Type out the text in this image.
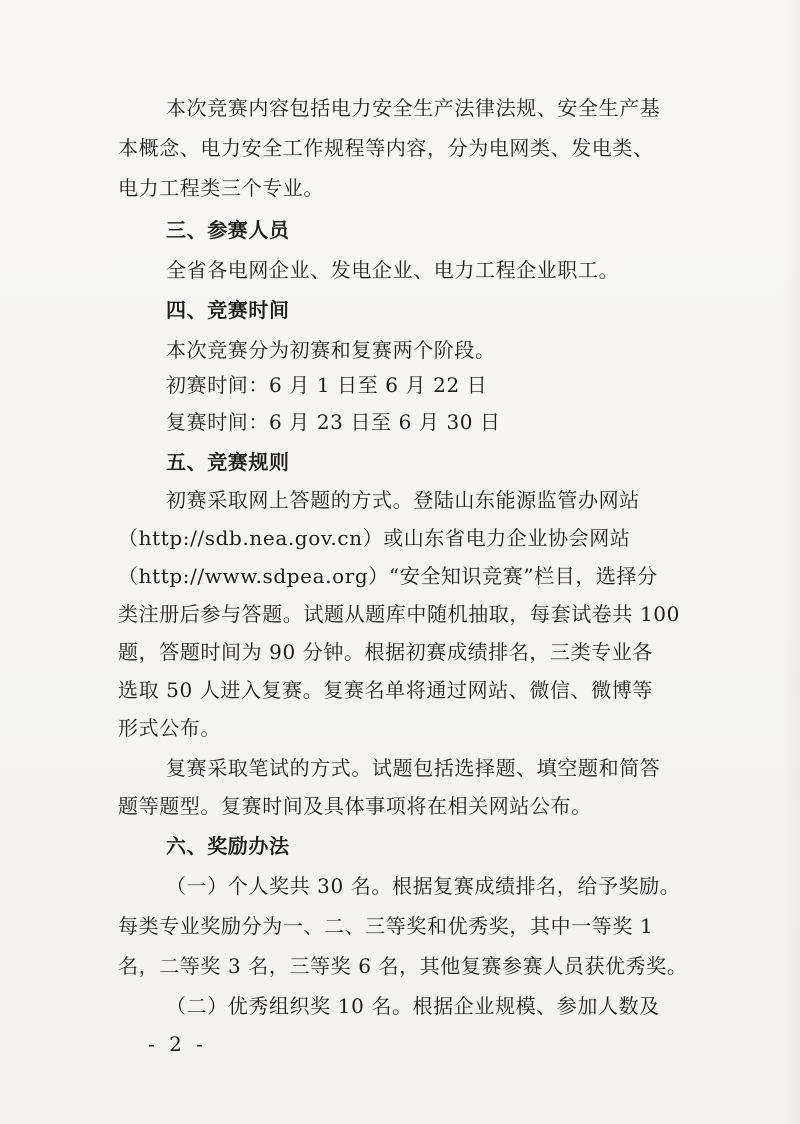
本次竞赛内容包括电力安全生产法律法规、安全生产基
本概念、电力安全工作规程等内容，分为电网类、发电类、
电力工程类三个专业。
三、参赛人员
全省各电网企业、发电企业、电力工程企业职工。
四、竞赛时间
本次竞赛分为初赛和复赛两个阶段。
初赛时间：6 月 1 日至 6 月 22 日
复赛时间：6 月 23 日至 6 月 30 日
五、竞赛规则
初赛采取网上答题的方式。登陆山东能源监管办网站
（http://sdb.nea.gov.cn）或山东省电力企业协会网站
（http://www.sdpea.org）“安全知识竞赛”栏目，选择分
类注册后参与答题。试题从题库中随机抽取，每套试卷共 100
题，答题时间为 90 分钟。根据初赛成绩排名，三类专业各
选取 50 人进入复赛。复赛名单将通过网站、微信、微博等
形式公布。
复赛采取笔试的方式。试题包括选择题、填空题和简答
题等题型。复赛时间及具体事项将在相关网站公布。
六、奖励办法
（一）个人奖共 30 名。根据复赛成绩排名，给予奖励。
每类专业奖励分为一、二、三等奖和优秀奖，其中一等奖 1
名，二等奖 3 名，三等奖 6 名，其他复赛参赛人员获优秀奖。
（二）优秀组织奖 10 名。根据企业规模、参加人数及
- 2 -
